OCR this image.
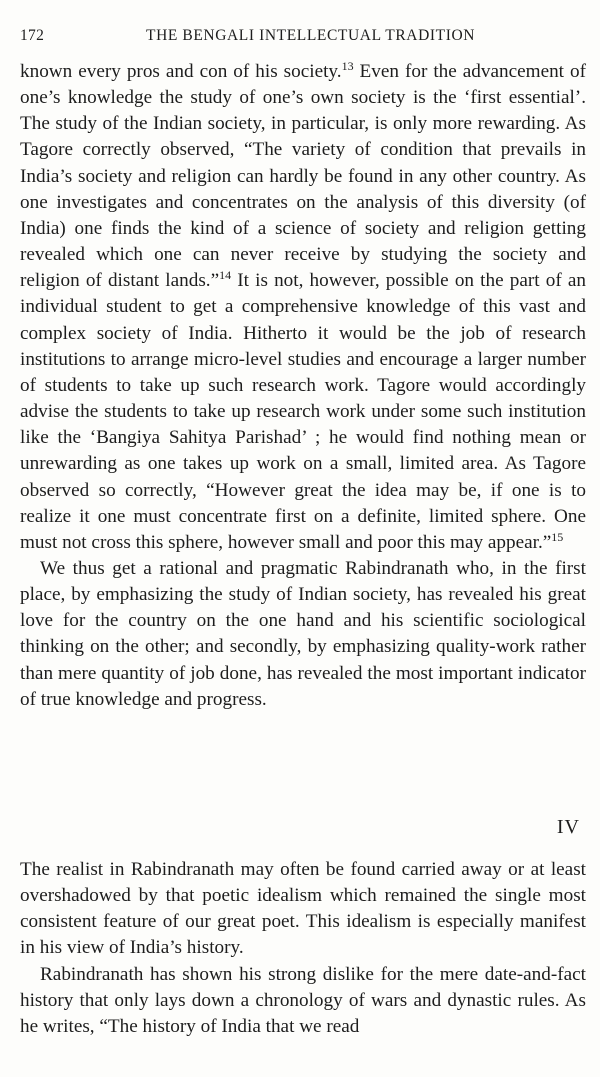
172	THE BENGALI INTELLECTUAL TRADITION

known every pros and con of his society.$^{13}$ Even for the advancement of one’s knowledge the study of one’s own society is the ‘first essential’. The study of the Indian society, in particular, is only more rewarding. As Tagore correctly observed, “The variety of condition that prevails in India’s society and religion can hardly be found in any other country. As one investigates and concentrates on the analysis of this diversity (of India) one finds the kind of a science of society and religion getting revealed which one can never receive by studying the society and religion of distant lands.”$^{14}$ It is not, however, possible on the part of an individual student to get a comprehensive knowledge of this vast and complex society of India. Hitherto it would be the job of research institutions to arrange micro-level studies and encourage a larger number of students to take up such research work. Tagore would accordingly advise the students to take up research work under some such institution like the ‘Bangiya Sahitya Parishad’ ; he would find nothing mean or unrewarding as one takes up work on a small, limited area. As Tagore observed so correctly, “However great the idea may be, if one is to realize it one must concentrate first on a definite, limited sphere. One must not cross this sphere, however small and poor this may appear.”$^{15}$

We thus get a rational and pragmatic Rabindranath who, in the first place, by emphasizing the study of Indian society, has revealed his great love for the country on the one hand and his scientific sociological thinking on the other; and secondly, by emphasizing quality-work rather than mere quantity of job done, has revealed the most important indicator of true knowledge and progress.

IV

The realist in Rabindranath may often be found carried away or at least overshadowed by that poetic idealism which remained the single most consistent feature of our great poet. This idealism is especially manifest in his view of India’s history.

Rabindranath has shown his strong dislike for the mere date-and-fact history that only lays down a chronology of wars and dynastic rules. As he writes, “The history of India that we read
